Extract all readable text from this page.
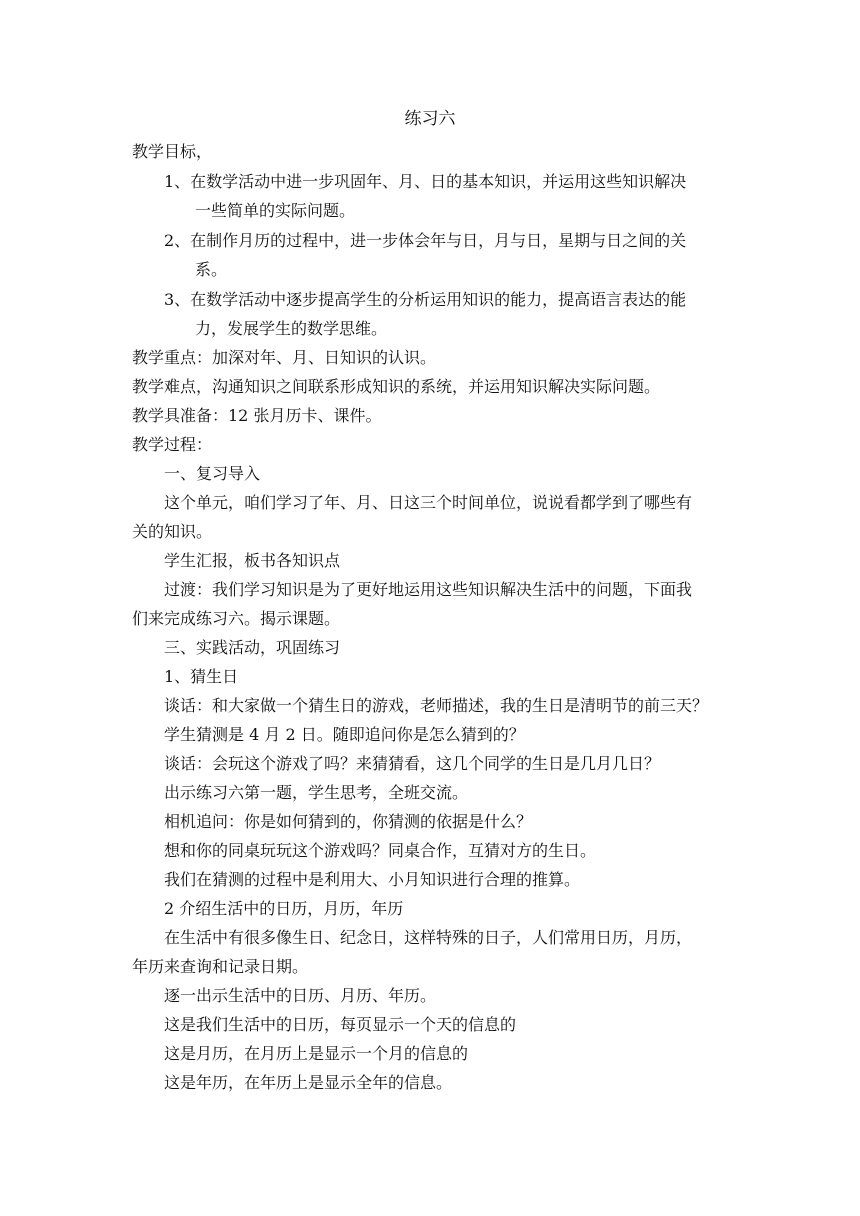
练习六
教学目标，
1、在数学活动中进一步巩固年、月、日的基本知识，并运用这些知识解决
一些简单的实际问题。
2、在制作月历的过程中，进一步体会年与日，月与日，星期与日之间的关
系。
3、在数学活动中逐步提高学生的分析运用知识的能力，提高语言表达的能
力，发展学生的数学思维。
教学重点：加深对年、月、日知识的认识。
教学难点，沟通知识之间联系形成知识的系统，并运用知识解决实际问题。
教学具准备：12 张月历卡、课件。
教学过程：
一、复习导入
这个单元，咱们学习了年、月、日这三个时间单位，说说看都学到了哪些有
关的知识。
学生汇报，板书各知识点
过渡：我们学习知识是为了更好地运用这些知识解决生活中的问题，下面我
们来完成练习六。揭示课题。
三、实践活动，巩固练习
1、猜生日
谈话：和大家做一个猜生日的游戏，老师描述，我的生日是清明节的前三天？
学生猜测是 4 月 2 日。随即追问你是怎么猜到的？
谈话：会玩这个游戏了吗？来猜猜看，这几个同学的生日是几月几日？
出示练习六第一题，学生思考，全班交流。
相机追问：你是如何猜到的，你猜测的依据是什么？
想和你的同桌玩玩这个游戏吗？同桌合作，互猜对方的生日。
我们在猜测的过程中是利用大、小月知识进行合理的推算。
2 介绍生活中的日历，月历，年历
在生活中有很多像生日、纪念日，这样特殊的日子，人们常用日历，月历，
年历来查询和记录日期。
逐一出示生活中的日历、月历、年历。
这是我们生活中的日历，每页显示一个天的信息的
这是月历，在月历上是显示一个月的信息的
这是年历，在年历上是显示全年的信息。
